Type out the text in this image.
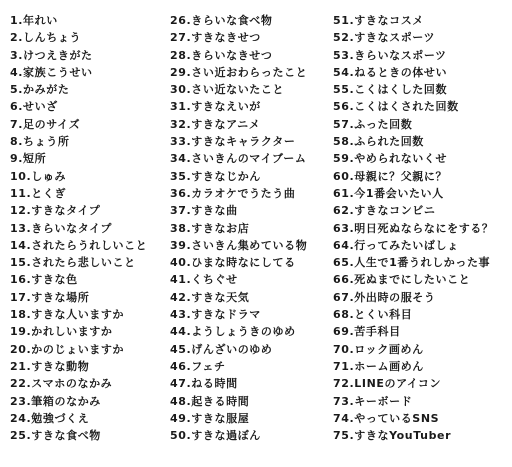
1.年れい
2.しんちょう
3.けつえきがた
4.家族こうせい
5.かみがた
6.せいざ
7.足のサイズ
8.ちょう所
9.短所
10.しゅみ
11.とくぎ
12.すきなタイプ
13.きらいなタイプ
14.されたらうれしいこと
15.されたら悲しいこと
16.すきな色
17.すきな場所
18.すきな人いますか
19.かれしいますか
20.かのじょいますか
21.すきな動物
22.スマホのなかみ
23.筆箱のなかみ
24.勉強づくえ
25.すきな食べ物
26.きらいな食べ物
27.すきなきせつ
28.きらいなきせつ
29.さい近おわらったこと
30.さい近ないたこと
31.すきなえいが
32.すきなアニメ
33.すきなキャラクター
34.さいきんのマイブーム
35.すきなじかん
36.カラオケでうたう曲
37.すきな曲
38.すきなお店
39.さいきん集めている物
40.ひまな時なにしてる
41.くちぐせ
42.すきな天気
43.すきなドラマ
44.ようしょうきのゆめ
45.げんざいのゆめ
46.フェチ
47.ねる時間
48.起きる時間
49.すきな服屋
50.すきな過ぼん
51.すきなコスメ
52.すきなスポーツ
53.きらいなスポーツ
54.ねるときの体せい
55.こくはくした回数
56.こくはくされた回数
57.ふった回数
58.ふられた回数
59.やめられないくせ
60.母親に？父親に？
61.今1番会いたい人
62.すきなコンビニ
63.明日死ぬならなにをする？
64.行ってみたいばしょ
65.人生で1番うれしかった事
66.死ぬまでにしたいこと
67.外出時の服そう
68.とくい科目
69.苦手科目
70.ロック画めん
71.ホーム画めん
72.LINEのアイコン
73.キーボード
74.やっているSNS
75.すきなYouTuber
